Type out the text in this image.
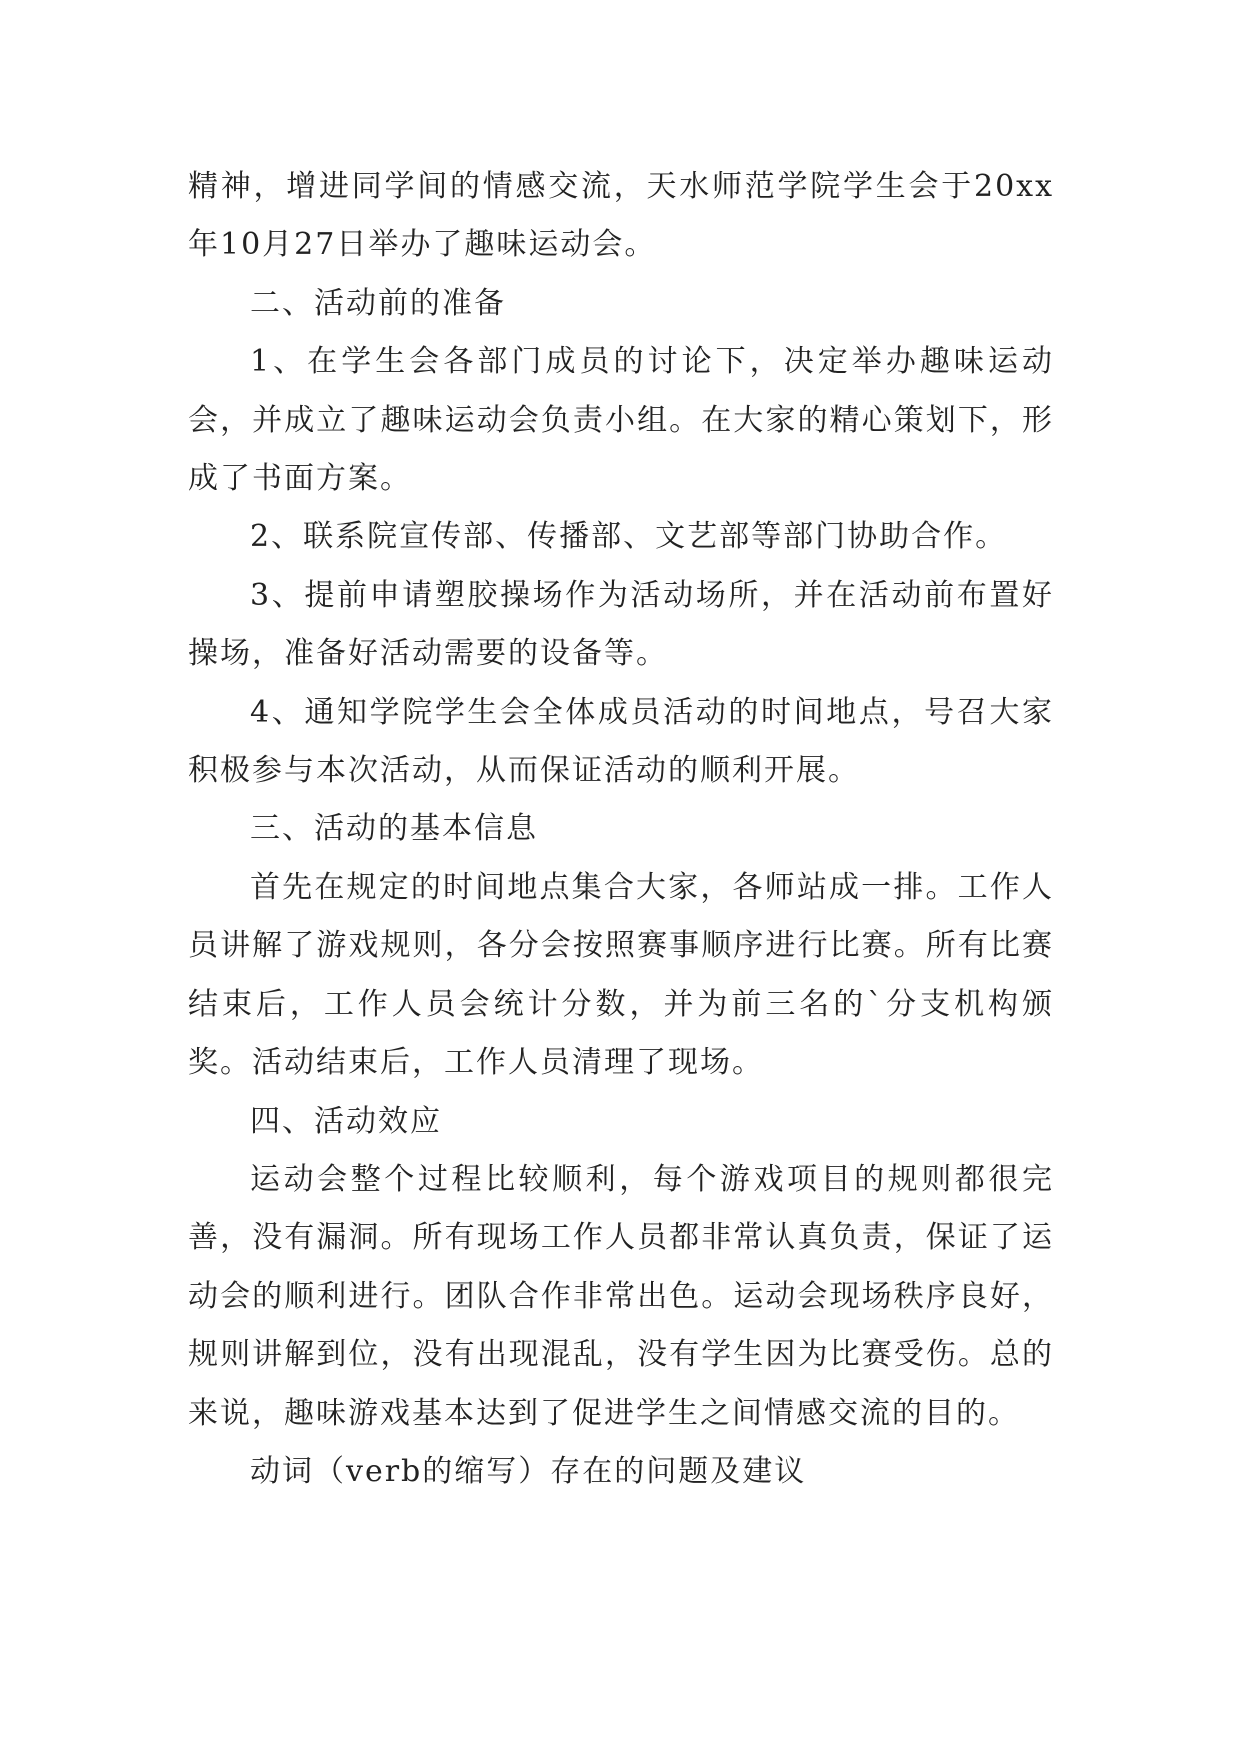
精神，增进同学间的情感交流，天水师范学院学生会于20xx年10月27日举办了趣味运动会。

二、活动前的准备

1、在学生会各部门成员的讨论下，决定举办趣味运动会，并成立了趣味运动会负责小组。在大家的精心策划下，形成了书面方案。

2、联系院宣传部、传播部、文艺部等部门协助合作。

3、提前申请塑胶操场作为活动场所，并在活动前布置好操场，准备好活动需要的设备等。

4、通知学院学生会全体成员活动的时间地点，号召大家积极参与本次活动，从而保证活动的顺利开展。

三、活动的基本信息

首先在规定的时间地点集合大家，各师站成一排。工作人员讲解了游戏规则，各分会按照赛事顺序进行比赛。所有比赛结束后，工作人员会统计分数，并为前三名的`分支机构颁奖。活动结束后，工作人员清理了现场。

四、活动效应

运动会整个过程比较顺利，每个游戏项目的规则都很完善，没有漏洞。所有现场工作人员都非常认真负责，保证了运动会的顺利进行。团队合作非常出色。运动会现场秩序良好，规则讲解到位，没有出现混乱，没有学生因为比赛受伤。总的来说，趣味游戏基本达到了促进学生之间情感交流的目的。

动词（verb的缩写）存在的问题及建议
